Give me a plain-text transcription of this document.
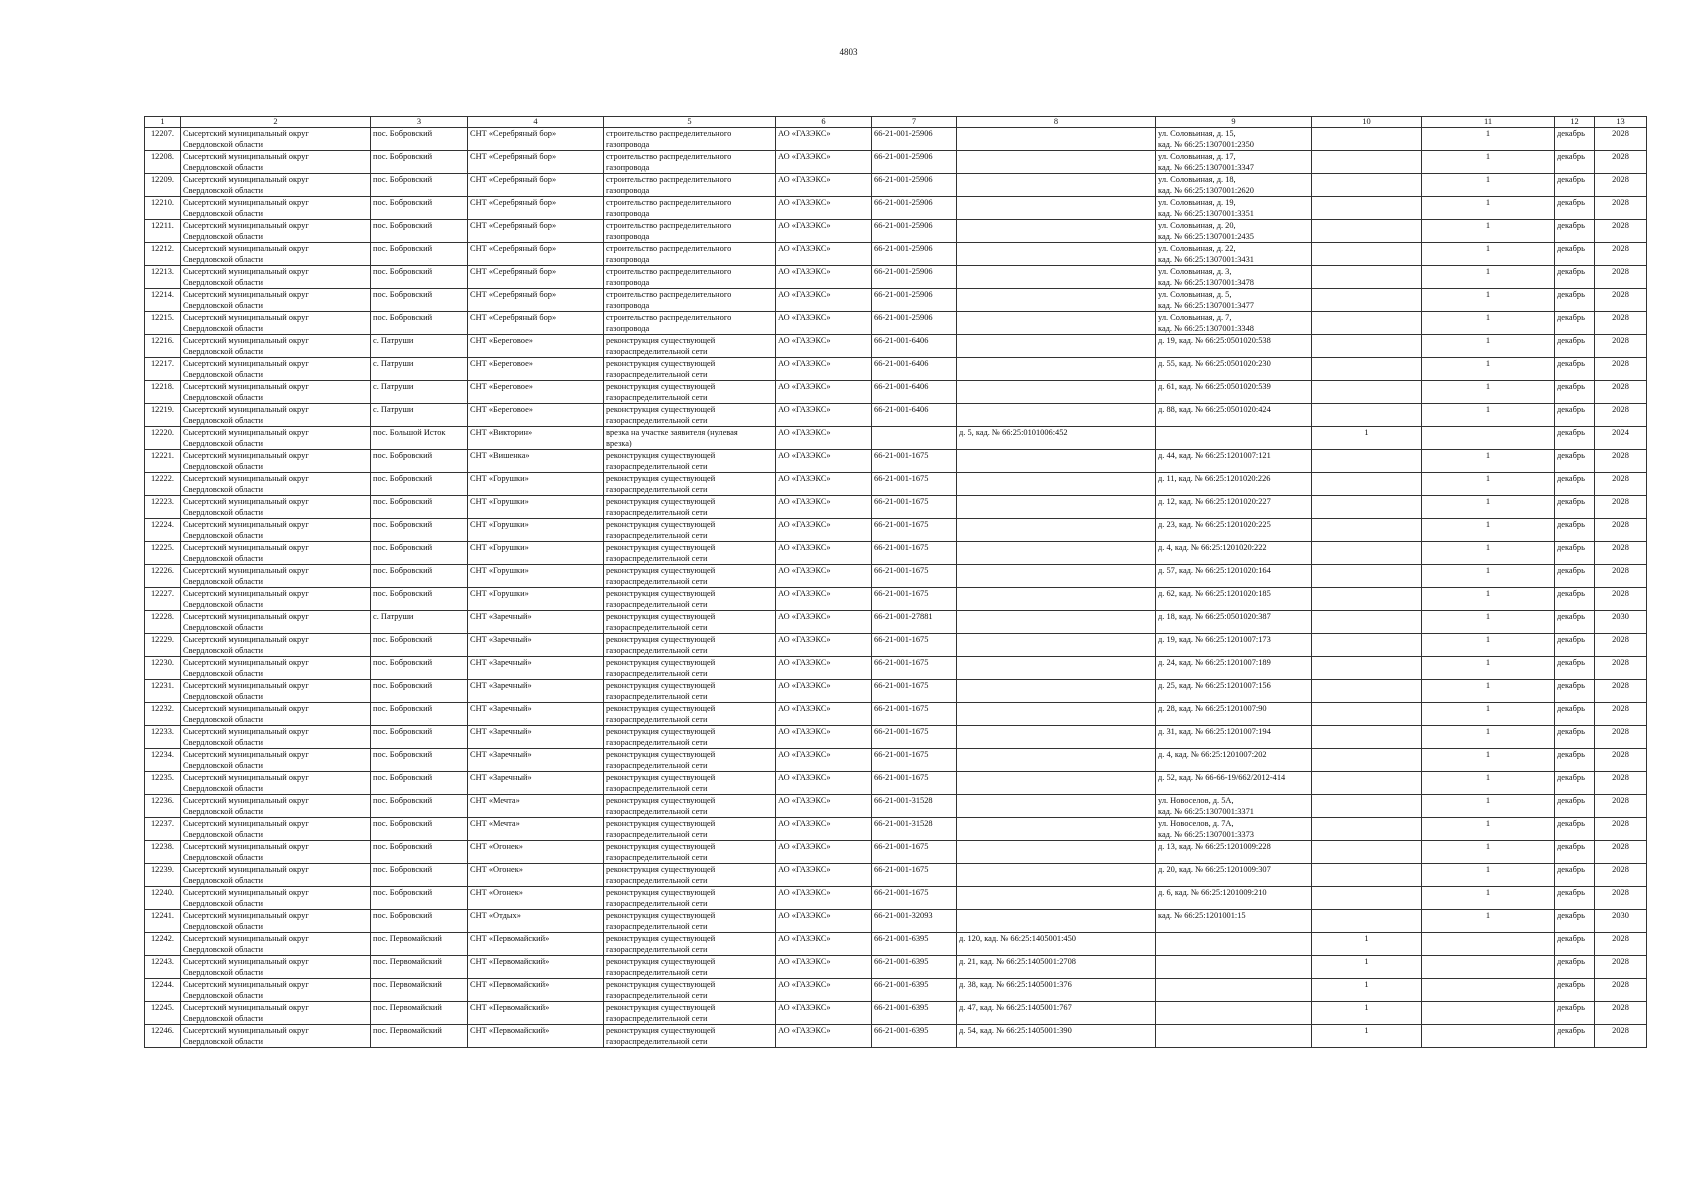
4803
1	2	3	4	5	6	7	8	9	10	11	12	13
12207.	Сысертский муниципальный округ
Свердловской области	пос. Бобровский	СНТ «Серебряный бор»	строительство распределительного
газопровода	АО «ГАЗЭКС»	66-21-001-25906		ул. Соловьиная, д. 15,
кад. № 66:25:1307001:2350		1	декабрь	2028
12208.	Сысертский муниципальный округ
Свердловской области	пос. Бобровский	СНТ «Серебряный бор»	строительство распределительного
газопровода	АО «ГАЗЭКС»	66-21-001-25906		ул. Соловьиная, д. 17,
кад. № 66:25:1307001:3347		1	декабрь	2028
12209.	Сысертский муниципальный округ
Свердловской области	пос. Бобровский	СНТ «Серебряный бор»	строительство распределительного
газопровода	АО «ГАЗЭКС»	66-21-001-25906		ул. Соловьиная, д. 18,
кад. № 66:25:1307001:2620		1	декабрь	2028
12210.	Сысертский муниципальный округ
Свердловской области	пос. Бобровский	СНТ «Серебряный бор»	строительство распределительного
газопровода	АО «ГАЗЭКС»	66-21-001-25906		ул. Соловьиная, д. 19,
кад. № 66:25:1307001:3351		1	декабрь	2028
12211.	Сысертский муниципальный округ
Свердловской области	пос. Бобровский	СНТ «Серебряный бор»	строительство распределительного
газопровода	АО «ГАЗЭКС»	66-21-001-25906		ул. Соловьиная, д. 20,
кад. № 66:25:1307001:2435		1	декабрь	2028
12212.	Сысертский муниципальный округ
Свердловской области	пос. Бобровский	СНТ «Серебряный бор»	строительство распределительного
газопровода	АО «ГАЗЭКС»	66-21-001-25906		ул. Соловьиная, д. 22,
кад. № 66:25:1307001:3431		1	декабрь	2028
12213.	Сысертский муниципальный округ
Свердловской области	пос. Бобровский	СНТ «Серебряный бор»	строительство распределительного
газопровода	АО «ГАЗЭКС»	66-21-001-25906		ул. Соловьиная, д. 3,
кад. № 66:25:1307001:3478		1	декабрь	2028
12214.	Сысертский муниципальный округ
Свердловской области	пос. Бобровский	СНТ «Серебряный бор»	строительство распределительного
газопровода	АО «ГАЗЭКС»	66-21-001-25906		ул. Соловьиная, д. 5,
кад. № 66:25:1307001:3477		1	декабрь	2028
12215.	Сысертский муниципальный округ
Свердловской области	пос. Бобровский	СНТ «Серебряный бор»	строительство распределительного
газопровода	АО «ГАЗЭКС»	66-21-001-25906		ул. Соловьиная, д. 7,
кад. № 66:25:1307001:3348		1	декабрь	2028
12216.	Сысертский муниципальный округ
Свердловской области	с. Патруши	СНТ «Береговое»	реконструкция существующей
газораспределительной сети	АО «ГАЗЭКС»	66-21-001-6406		д. 19, кад. № 66:25:0501020:538		1	декабрь	2028
12217.	Сысертский муниципальный округ
Свердловской области	с. Патруши	СНТ «Береговое»	реконструкция существующей
газораспределительной сети	АО «ГАЗЭКС»	66-21-001-6406		д. 55, кад. № 66:25:0501020:230		1	декабрь	2028
12218.	Сысертский муниципальный округ
Свердловской области	с. Патруши	СНТ «Береговое»	реконструкция существующей
газораспределительной сети	АО «ГАЗЭКС»	66-21-001-6406		д. 61, кад. № 66:25:0501020:539		1	декабрь	2028
12219.	Сысертский муниципальный округ
Свердловской области	с. Патруши	СНТ «Береговое»	реконструкция существующей
газораспределительной сети	АО «ГАЗЭКС»	66-21-001-6406		д. 88, кад. № 66:25:0501020:424		1	декабрь	2028
12220.	Сысертский муниципальный округ
Свердловской области	пос. Большой Исток	СНТ «Викторин»	врезка на участке заявителя (нулевая
врезка)	АО «ГАЗЭКС»		д. 5, кад. № 66:25:0101006:452		1		декабрь	2024
12221.	Сысертский муниципальный округ
Свердловской области	пос. Бобровский	СНТ «Вишенка»	реконструкция существующей
газораспределительной сети	АО «ГАЗЭКС»	66-21-001-1675		д. 44, кад. № 66:25:1201007:121		1	декабрь	2028
12222.	Сысертский муниципальный округ
Свердловской области	пос. Бобровский	СНТ «Горушки»	реконструкция существующей
газораспределительной сети	АО «ГАЗЭКС»	66-21-001-1675		д. 11, кад. № 66:25:1201020:226		1	декабрь	2028
12223.	Сысертский муниципальный округ
Свердловской области	пос. Бобровский	СНТ «Горушки»	реконструкция существующей
газораспределительной сети	АО «ГАЗЭКС»	66-21-001-1675		д. 12, кад. № 66:25:1201020:227		1	декабрь	2028
12224.	Сысертский муниципальный округ
Свердловской области	пос. Бобровский	СНТ «Горушки»	реконструкция существующей
газораспределительной сети	АО «ГАЗЭКС»	66-21-001-1675		д. 23, кад. № 66:25:1201020:225		1	декабрь	2028
12225.	Сысертский муниципальный округ
Свердловской области	пос. Бобровский	СНТ «Горушки»	реконструкция существующей
газораспределительной сети	АО «ГАЗЭКС»	66-21-001-1675		д. 4, кад. № 66:25:1201020:222		1	декабрь	2028
12226.	Сысертский муниципальный округ
Свердловской области	пос. Бобровский	СНТ «Горушки»	реконструкция существующей
газораспределительной сети	АО «ГАЗЭКС»	66-21-001-1675		д. 57, кад. № 66:25:1201020:164		1	декабрь	2028
12227.	Сысертский муниципальный округ
Свердловской области	пос. Бобровский	СНТ «Горушки»	реконструкция существующей
газораспределительной сети	АО «ГАЗЭКС»	66-21-001-1675		д. 62, кад. № 66:25:1201020:185		1	декабрь	2028
12228.	Сысертский муниципальный округ
Свердловской области	с. Патруши	СНТ «Заречный»	реконструкция существующей
газораспределительной сети	АО «ГАЗЭКС»	66-21-001-27881		д. 18, кад. № 66:25:0501020:387		1	декабрь	2030
12229.	Сысертский муниципальный округ
Свердловской области	пос. Бобровский	СНТ «Заречный»	реконструкция существующей
газораспределительной сети	АО «ГАЗЭКС»	66-21-001-1675		д. 19, кад. № 66:25:1201007:173		1	декабрь	2028
12230.	Сысертский муниципальный округ
Свердловской области	пос. Бобровский	СНТ «Заречный»	реконструкция существующей
газораспределительной сети	АО «ГАЗЭКС»	66-21-001-1675		д. 24, кад. № 66:25:1201007:189		1	декабрь	2028
12231.	Сысертский муниципальный округ
Свердловской области	пос. Бобровский	СНТ «Заречный»	реконструкция существующей
газораспределительной сети	АО «ГАЗЭКС»	66-21-001-1675		д. 25, кад. № 66:25:1201007:156		1	декабрь	2028
12232.	Сысертский муниципальный округ
Свердловской области	пос. Бобровский	СНТ «Заречный»	реконструкция существующей
газораспределительной сети	АО «ГАЗЭКС»	66-21-001-1675		д. 28, кад. № 66:25:1201007:90		1	декабрь	2028
12233.	Сысертский муниципальный округ
Свердловской области	пос. Бобровский	СНТ «Заречный»	реконструкция существующей
газораспределительной сети	АО «ГАЗЭКС»	66-21-001-1675		д. 31, кад. № 66:25:1201007:194		1	декабрь	2028
12234.	Сысертский муниципальный округ
Свердловской области	пос. Бобровский	СНТ «Заречный»	реконструкция существующей
газораспределительной сети	АО «ГАЗЭКС»	66-21-001-1675		д. 4, кад. № 66:25:1201007:202		1	декабрь	2028
12235.	Сысертский муниципальный округ
Свердловской области	пос. Бобровский	СНТ «Заречный»	реконструкция существующей
газораспределительной сети	АО «ГАЗЭКС»	66-21-001-1675		д. 52, кад. № 66-66-19/662/2012-414		1	декабрь	2028
12236.	Сысертский муниципальный округ
Свердловской области	пос. Бобровский	СНТ «Мечта»	реконструкция существующей
газораспределительной сети	АО «ГАЗЭКС»	66-21-001-31528		ул. Новоселов, д. 5А,
кад. № 66:25:1307001:3371		1	декабрь	2028
12237.	Сысертский муниципальный округ
Свердловской области	пос. Бобровский	СНТ «Мечта»	реконструкция существующей
газораспределительной сети	АО «ГАЗЭКС»	66-21-001-31528		ул. Новоселов, д. 7А,
кад. № 66:25:1307001:3373		1	декабрь	2028
12238.	Сысертский муниципальный округ
Свердловской области	пос. Бобровский	СНТ «Огонек»	реконструкция существующей
газораспределительной сети	АО «ГАЗЭКС»	66-21-001-1675		д. 13, кад. № 66:25:1201009:228		1	декабрь	2028
12239.	Сысертский муниципальный округ
Свердловской области	пос. Бобровский	СНТ «Огонек»	реконструкция существующей
газораспределительной сети	АО «ГАЗЭКС»	66-21-001-1675		д. 20, кад. № 66:25:1201009:307		1	декабрь	2028
12240.	Сысертский муниципальный округ
Свердловской области	пос. Бобровский	СНТ «Огонек»	реконструкция существующей
газораспределительной сети	АО «ГАЗЭКС»	66-21-001-1675		д. 6, кад. № 66:25:1201009:210		1	декабрь	2028
12241.	Сысертский муниципальный округ
Свердловской области	пос. Бобровский	СНТ «Отдых»	реконструкция существующей
газораспределительной сети	АО «ГАЗЭКС»	66-21-001-32093		кад. № 66:25:1201001:15		1	декабрь	2030
12242.	Сысертский муниципальный округ
Свердловской области	пос. Первомайский	СНТ «Первомайский»	реконструкция существующей
газораспределительной сети	АО «ГАЗЭКС»	66-21-001-6395	д. 120, кад. № 66:25:1405001:450		1		декабрь	2028
12243.	Сысертский муниципальный округ
Свердловской области	пос. Первомайский	СНТ «Первомайский»	реконструкция существующей
газораспределительной сети	АО «ГАЗЭКС»	66-21-001-6395	д. 21, кад. № 66:25:1405001:2708		1		декабрь	2028
12244.	Сысертский муниципальный округ
Свердловской области	пос. Первомайский	СНТ «Первомайский»	реконструкция существующей
газораспределительной сети	АО «ГАЗЭКС»	66-21-001-6395	д. 38, кад. № 66:25:1405001:376		1		декабрь	2028
12245.	Сысертский муниципальный округ
Свердловской области	пос. Первомайский	СНТ «Первомайский»	реконструкция существующей
газораспределительной сети	АО «ГАЗЭКС»	66-21-001-6395	д. 47, кад. № 66:25:1405001:767		1		декабрь	2028
12246.	Сысертский муниципальный округ
Свердловской области	пос. Первомайский	СНТ «Первомайский»	реконструкция существующей
газораспределительной сети	АО «ГАЗЭКС»	66-21-001-6395	д. 54, кад. № 66:25:1405001:390		1		декабрь	2028
